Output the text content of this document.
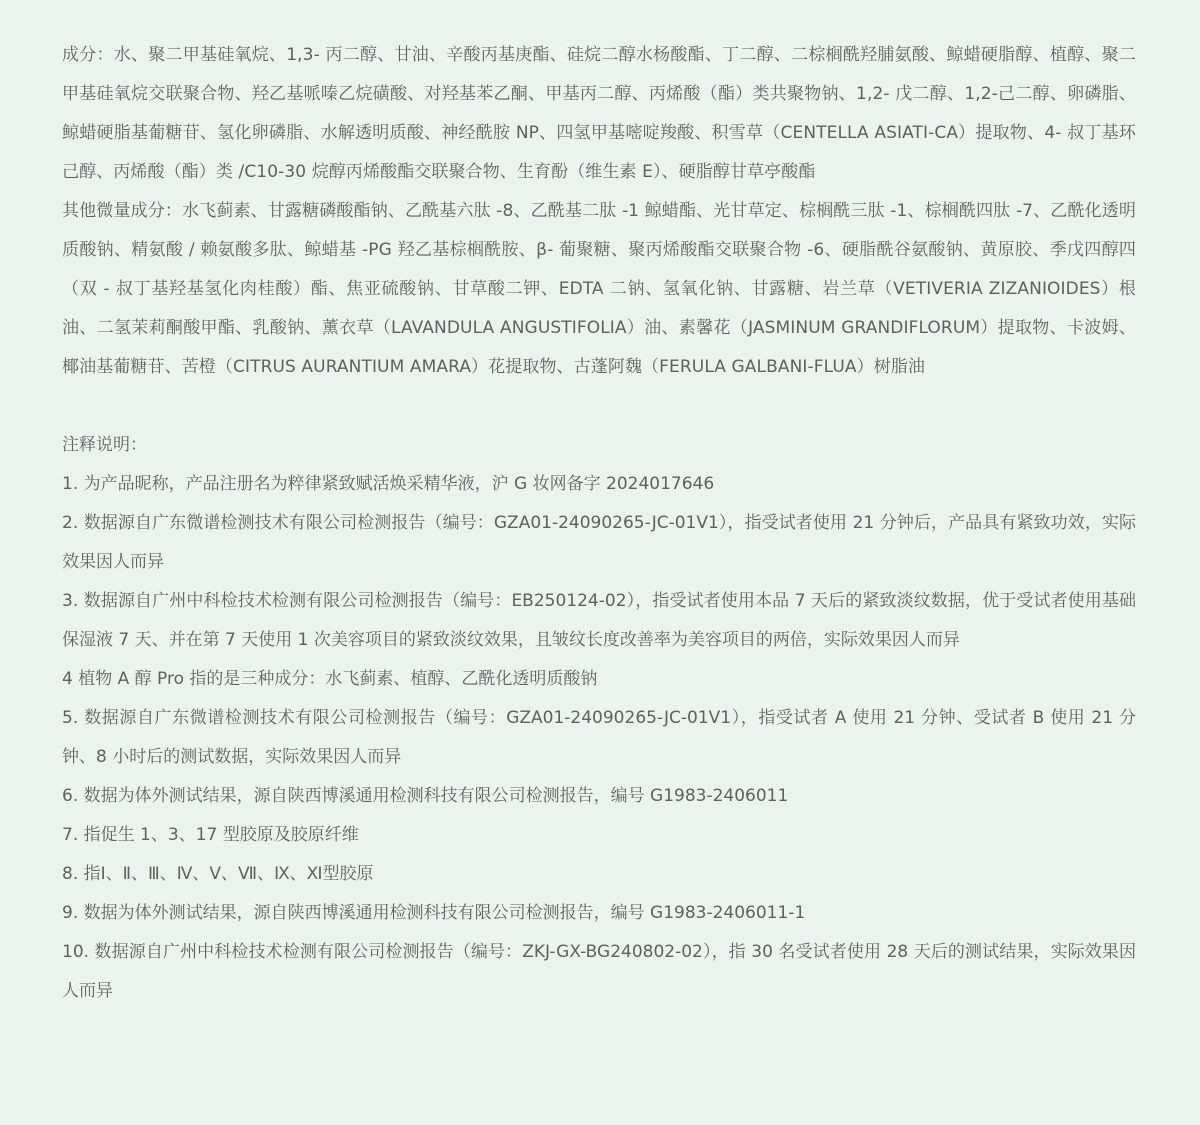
成分：水、聚二甲基硅氧烷、1,3- 丙二醇、甘油、辛酸丙基庚酯、硅烷二醇水杨酸酯、丁二醇、二棕榈酰羟脯氨酸、鲸蜡硬脂醇、植醇、聚二甲基硅氧烷交联聚合物、羟乙基哌嗪乙烷磺酸、对羟基苯乙酮、甲基丙二醇、丙烯酸（酯）类共聚物钠、1,2- 戊二醇、1,2-己二醇、卵磷脂、鲸蜡硬脂基葡糖苷、氢化卵磷脂、水解透明质酸、神经酰胺 NP、四氢甲基嘧啶羧酸、积雪草（CENTELLA ASIATI-CA）提取物、4- 叔丁基环己醇、丙烯酸（酯）类 /C10-30 烷醇丙烯酸酯交联聚合物、生育酚（维生素 E）、硬脂醇甘草亭酸酯

其他微量成分：水飞蓟素、甘露糖磷酸酯钠、乙酰基六肽 -8、乙酰基二肽 -1 鲸蜡酯、光甘草定、棕榈酰三肽 -1、棕榈酰四肽 -7、乙酰化透明质酸钠、精氨酸 / 赖氨酸多肽、鲸蜡基 -PG 羟乙基棕榈酰胺、β- 葡聚糖、聚丙烯酸酯交联聚合物 -6、硬脂酰谷氨酸钠、黄原胶、季戊四醇四（双 - 叔丁基羟基氢化肉桂酸）酯、焦亚硫酸钠、甘草酸二钾、EDTA 二钠、氢氧化钠、甘露糖、岩兰草（VETIVERIA ZIZANIOIDES）根油、二氢茉莉酮酸甲酯、乳酸钠、薰衣草（LAVANDULA ANGUSTIFOLIA）油、素馨花（JASMINUM GRANDIFLORUM）提取物、卡波姆、椰油基葡糖苷、苦橙（CITRUS AURANTIUM AMARA）花提取物、古蓬阿魏（FERULA GALBANI-FLUA）树脂油

注释说明：

1. 为产品昵称，产品注册名为粹律紧致赋活焕采精华液，沪 G 妆网备字 2024017646

2. 数据源自广东微谱检测技术有限公司检测报告（编号：GZA01-24090265-JC-01V1），指受试者使用 21 分钟后，产品具有紧致功效，实际效果因人而异

3. 数据源自广州中科检技术检测有限公司检测报告（编号：EB250124-02），指受试者使用本品 7 天后的紧致淡纹数据，优于受试者使用基础保湿液 7 天、并在第 7 天使用 1 次美容项目的紧致淡纹效果，且皱纹长度改善率为美容项目的两倍，实际效果因人而异

4 植物 A 醇 Pro 指的是三种成分：水飞蓟素、植醇、乙酰化透明质酸钠

5. 数据源自广东微谱检测技术有限公司检测报告（编号：GZA01-24090265-JC-01V1），指受试者 A 使用 21 分钟、受试者 B 使用 21 分钟、8 小时后的测试数据，实际效果因人而异

6. 数据为体外测试结果，源自陕西博溪通用检测科技有限公司检测报告，编号 G1983-2406011

7. 指促生 1、3、17 型胶原及胶原纤维

8. 指Ⅰ、Ⅱ、Ⅲ、Ⅳ、Ⅴ、Ⅶ、Ⅸ、Ⅺ型胶原

9. 数据为体外测试结果，源自陕西博溪通用检测科技有限公司检测报告，编号 G1983-2406011-1

10. 数据源自广州中科检技术检测有限公司检测报告（编号：ZKJ-GX-BG240802-02），指 30 名受试者使用 28 天后的测试结果，实际效果因人而异
